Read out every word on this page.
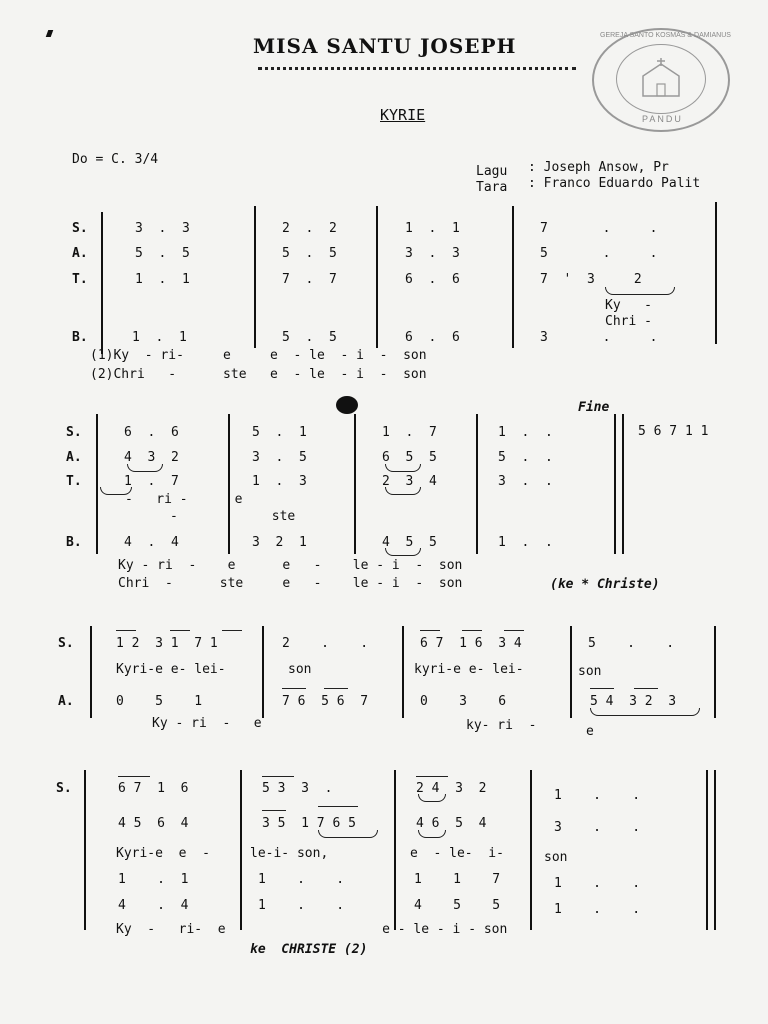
MISA SANTU JOSEPH
KYRIE
GEREJA SANTO KOSMAS & DAMIANUS
PANDU
Do = C. 3/4
Lagu : Joseph Ansow, Pr
Tara : Franco Eduardo Palit
S.
A.
T.
B.
3  .  3	2  .  2	1  .  1	7       .     .
5  .  5	5  .  5	3  .  3	5       .     .
1  .  1	7  .  7	6  .  6	7  '  3     2
Ky   -
Chri -
1  .  1	5  .  5	6  .  6	3       .     .
(1)Ky  - ri-     e     e  - le  - i  -  son
(2)Chri   -      ste   e  - le  - i  -  son
Fine
5 6 7 1 1
S.
A.
T.
B.
6  .  6	5  .  1	1  .  7	1  .  .
4  3  2	3  .  5	6  5  5	5  .  .
1  .  7	1  .  3	2  3  4	3  .  .
-   ri -      e
-            ste
4  .  4	3  2  1	4  5  5	1  .  .
Ky - ri  -    e      e   -    le - i  -  son
Chri  -      ste     e   -    le - i  -  son	(ke * Christe)
S.
A.
1 2  3 1  7 1	2    .    .	6 7  1 6  3 4	5    .    .
Kyri-e e- lei-	son	kyri-e e- lei-	son
0    5    1	7 6  5 6  7	0    3    6	5 4  3 2  3
Ky - ri  -   e	ky- ri  -	e
S.	6 7  1  6	5 3  3  .	2 4  3  2	1    .    .
4 5  6  4	3 5  1 7 6 5	4 6  5  4	3    .    .
Kyri-e  e  -	le-i- son,	e  - le-  i-	son
1    .  1	1    .    .	1    1    7	1    .    .
4    .  4	1    .    .	4    5    5	1    .    .
Ky  -   ri-  e                    e - le - i - son
ke  CHRISTE (2)
